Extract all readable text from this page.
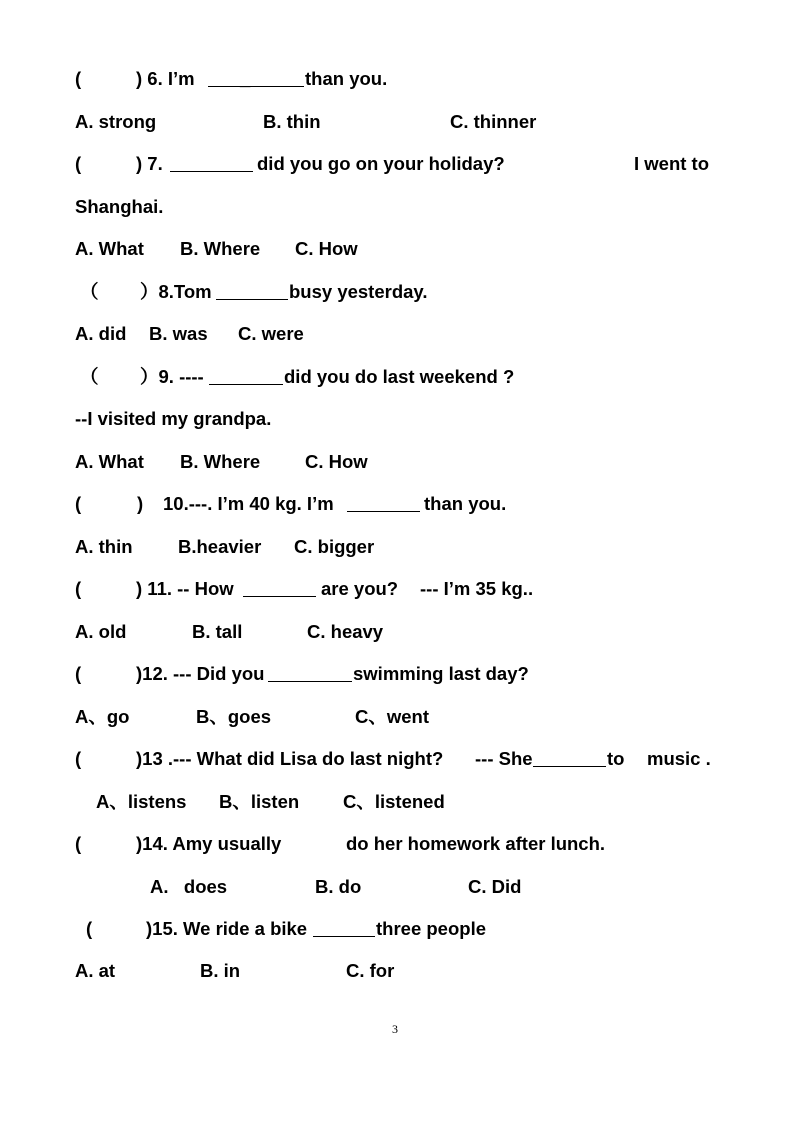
(	) 6. I’m _	than you.
A. strong	B. thin	C. thinner
(	) 7.	did you go on your holiday?	I went to
Shanghai.
A. What B. Where C. How
（ ）8.Tom	busy yesterday.
A. did B. was C. were
（ ）9. ----	did you do last weekend ?
--I visited my grandpa.
A. What B. Where C. How
(	) 10.---. I’m 40 kg. I’m	than you.
A. thin B.heavier C. bigger
(	) 11. -- How	are you? --- I’m 35 kg..
A. old	B. tall	C. heavy
(	)12. --- Did you	swimming last day?
A、go	B、goes	C、went
(	)13 .--- What did Lisa do last night? --- She	to music .
A、listens B、listen C、listened
(	)14. Amy usually	do her homework after lunch.
A.   does	B. do	C. Did
(	)15. We ride a bike	three people
A. at	B. in	C. for
3
